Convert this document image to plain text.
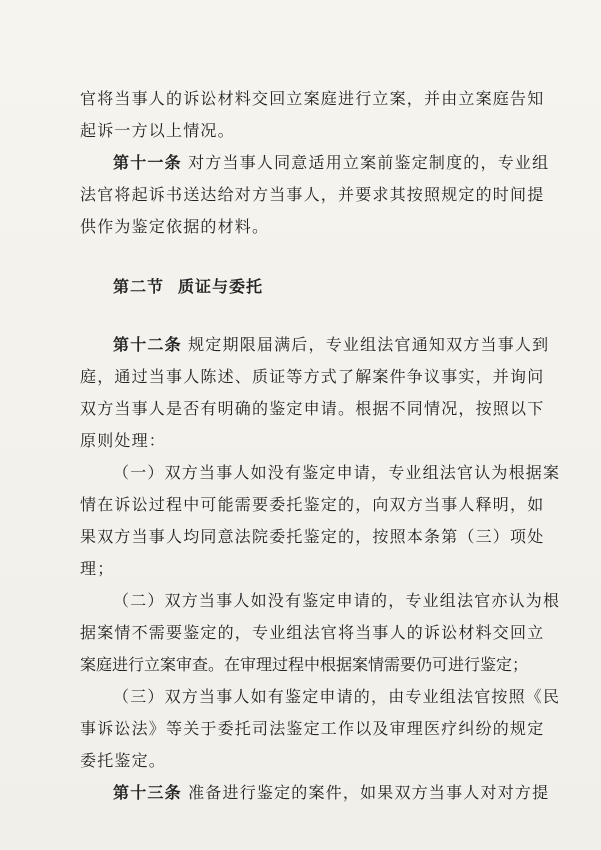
官将当事人的诉讼材料交回立案庭进行立案，并由立案庭告知
起诉一方以上情况。
第十一条 对方当事人同意适用立案前鉴定制度的，专业组
法官将起诉书送达给对方当事人，并要求其按照规定的时间提
供作为鉴定依据的材料。
第二节 质证与委托
第十二条 规定期限届满后，专业组法官通知双方当事人到
庭，通过当事人陈述、质证等方式了解案件争议事实，并询问
双方当事人是否有明确的鉴定申请。根据不同情况，按照以下
原则处理：
（一）双方当事人如没有鉴定申请，专业组法官认为根据案
情在诉讼过程中可能需要委托鉴定的，向双方当事人释明，如
果双方当事人均同意法院委托鉴定的，按照本条第（三）项处
理；
（二）双方当事人如没有鉴定申请的，专业组法官亦认为根
据案情不需要鉴定的，专业组法官将当事人的诉讼材料交回立
案庭进行立案审查。在审理过程中根据案情需要仍可进行鉴定；
（三）双方当事人如有鉴定申请的，由专业组法官按照《民
事诉讼法》等关于委托司法鉴定工作以及审理医疗纠纷的规定
委托鉴定。
第十三条 准备进行鉴定的案件，如果双方当事人对对方提
